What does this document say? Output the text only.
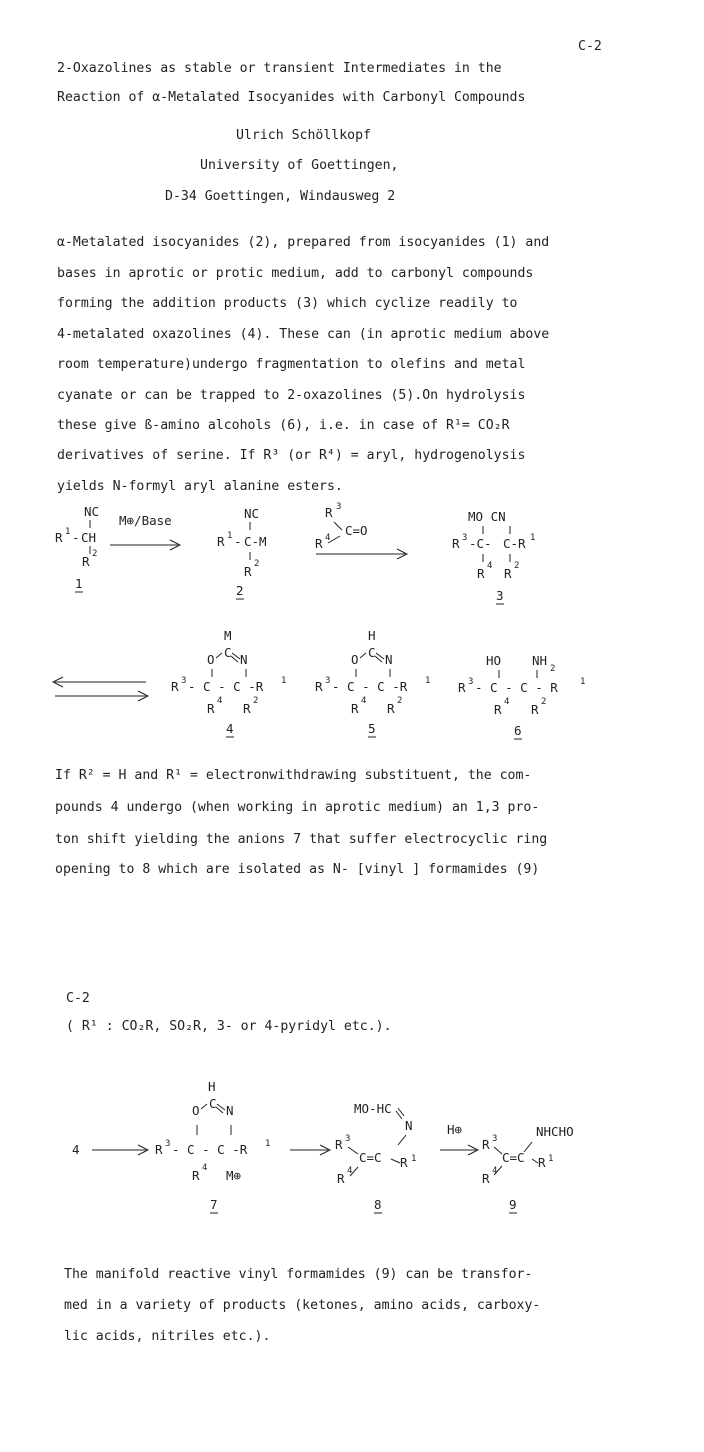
C-2
2-Oxazolines as stable or transient Intermediates in the
Reaction of α-Metalated Isocyanides with Carbonyl Compounds
Ulrich Schöllkopf
University of Goettingen,
D-34 Goettingen, Windausweg 2
α-Metalated isocyanides (2), prepared from isocyanides (1) and
bases in aprotic or protic medium, add to carbonyl compounds
forming the addition products (3) which cyclize readily to
4-metalated oxazolines (4). These can (in aprotic medium above
room temperature)undergo fragmentation to olefins and metal
cyanate or can be trapped to 2-oxazolines (5).On hydrolysis
these give ß-amino alcohols (6), i.e. in case of R¹= CO₂R
derivatives of serine. If R³ (or R⁴) = aryl, hydrogenolysis
yields N-formyl aryl alanine esters.
NC
R 1 - CH
R 2
1
M⊕/Base	NC
R 1 - C-M
R 2
2
R 3
C=O
R 4
MO CN
R 3 -C- C-R 1
R 4 R 2
3
M
O C N
R 3 - C - C -R 1
R 4 R 2
4
H
O C N
R 3 - C - C -R 1
R 4 R 2
5
HO NH
2
R 3 - C - C - R 1
R 4 R 2
6
If R² = H and R¹ = electronwithdrawing substituent, the com-
pounds 4 undergo (when working in aprotic medium) an 1,3 pro-
ton shift yielding the anions 7 that suffer electrocyclic ring
opening to 8 which are isolated as N- [vinyl ] formamides (9)
C-2
( R¹ : CO₂R, SO₂R, 3- or 4-pyridyl etc.).
4
H
O C N
R 3 - C - C -R 1
R 4 M⊕
7
MO-HC
N
R 3
C=C R 1
R 4
8
H⊕	NHCHO
R 3
C=C R 1
R 4
9
The manifold reactive vinyl formamides (9) can be transfor-
med in a variety of products (ketones, amino acids, carboxy-
lic acids, nitriles etc.).
